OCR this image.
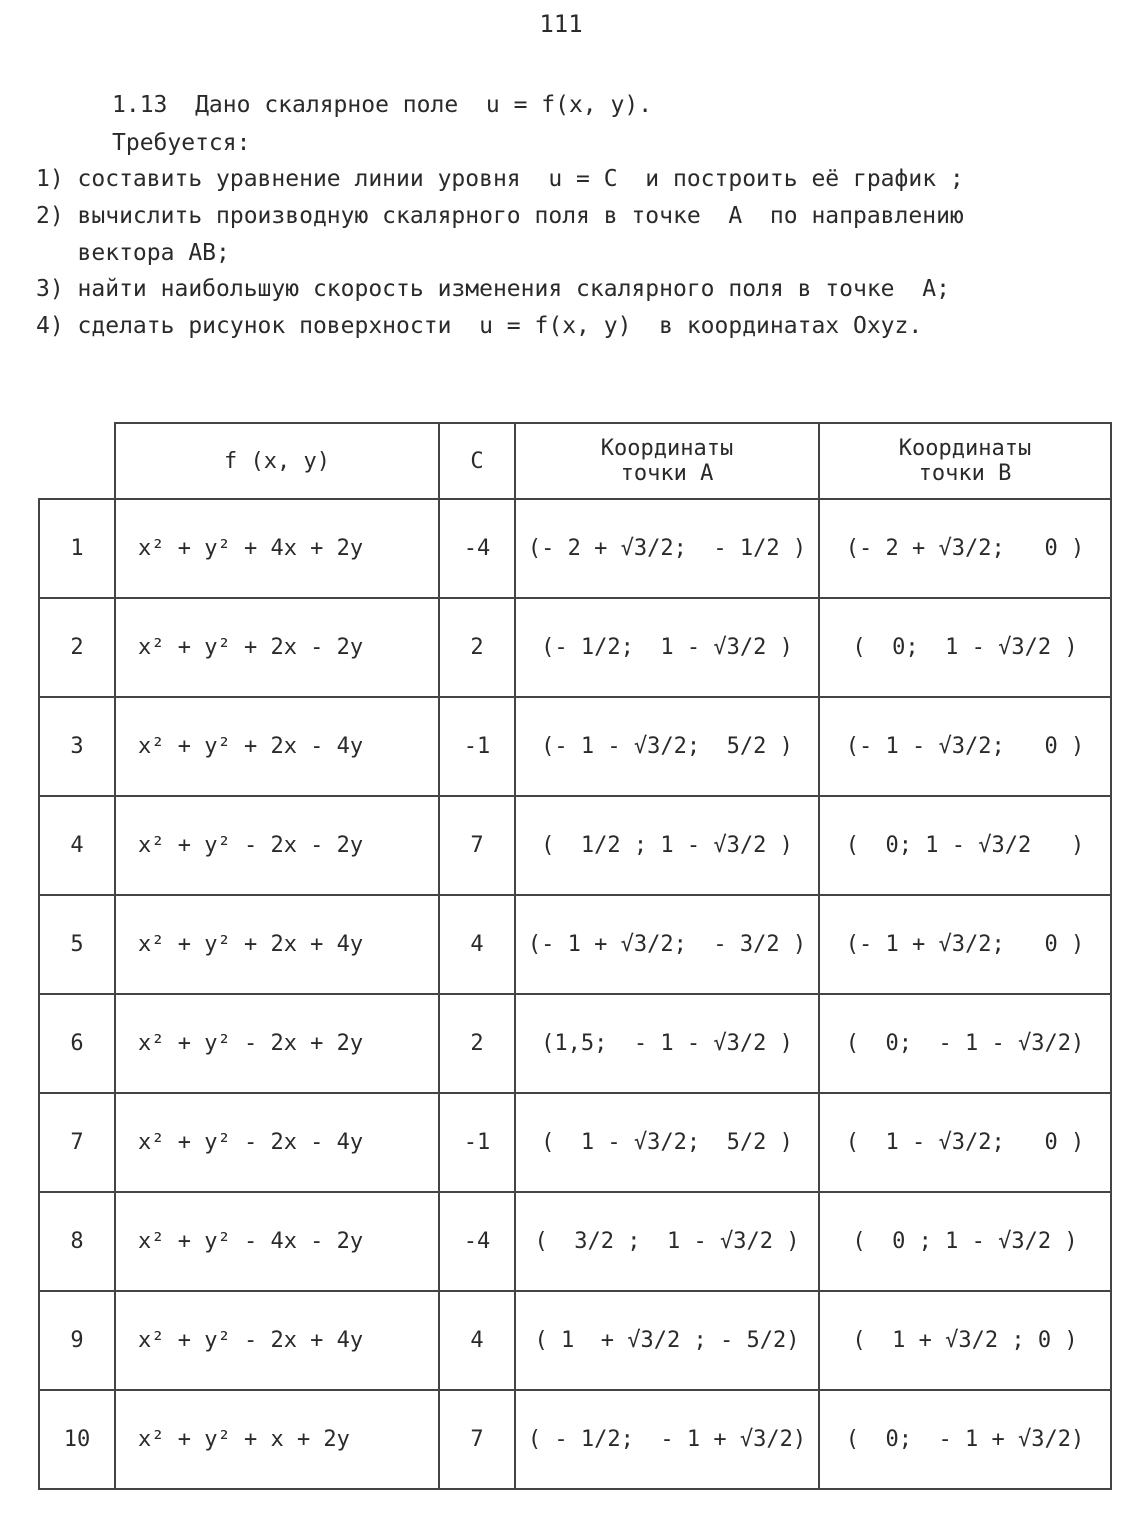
111
1.13  Дано скалярное поле  u = f(x, y).
Требуется:
1) составить уравнение линии уровня  u = C  и построить её график ;
2) вычислить производную скалярного поля в точке  A  по направлению
вектора AB;
3) найти наибольшую скорость изменения скалярного поля в точке  A;
4) сделать рисунок поверхности  u = f(x, y)  в координатах Oxyz.

	f (x, y)	C	Координаты
точки A	Координаты
точки B

1	x² + y² + 4x + 2y	-4	(- 2 + √3/2;  - 1/2 )	(- 2 + √3/2;   0 )
2	x² + y² + 2x - 2y	2	(- 1/2;  1 - √3/2 )	(  0;  1 - √3/2 )
3	x² + y² + 2x - 4y	-1	(- 1 - √3/2;  5/2 )	(- 1 - √3/2;   0 )
4	x² + y² - 2x - 2y	7	(  1/2 ; 1 - √3/2 )	(  0; 1 - √3/2   )
5	x² + y² + 2x + 4y	4	(- 1 + √3/2;  - 3/2 )	(- 1 + √3/2;   0 )
6	x² + y² - 2x + 2y	2	(1,5;  - 1 - √3/2 )	(  0;  - 1 - √3/2)
7	x² + y² - 2x - 4y	-1	(  1 - √3/2;  5/2 )	(  1 - √3/2;   0 )
8	x² + y² - 4x - 2y	-4	(  3/2 ;  1 - √3/2 )	(  0 ; 1 - √3/2 )
9	x² + y² - 2x + 4y	4	( 1  + √3/2 ; - 5/2)	(  1 + √3/2 ; 0 )
10	x² + y² + x + 2y	7	( - 1/2;  - 1 + √3/2)	(  0;  - 1 + √3/2)
